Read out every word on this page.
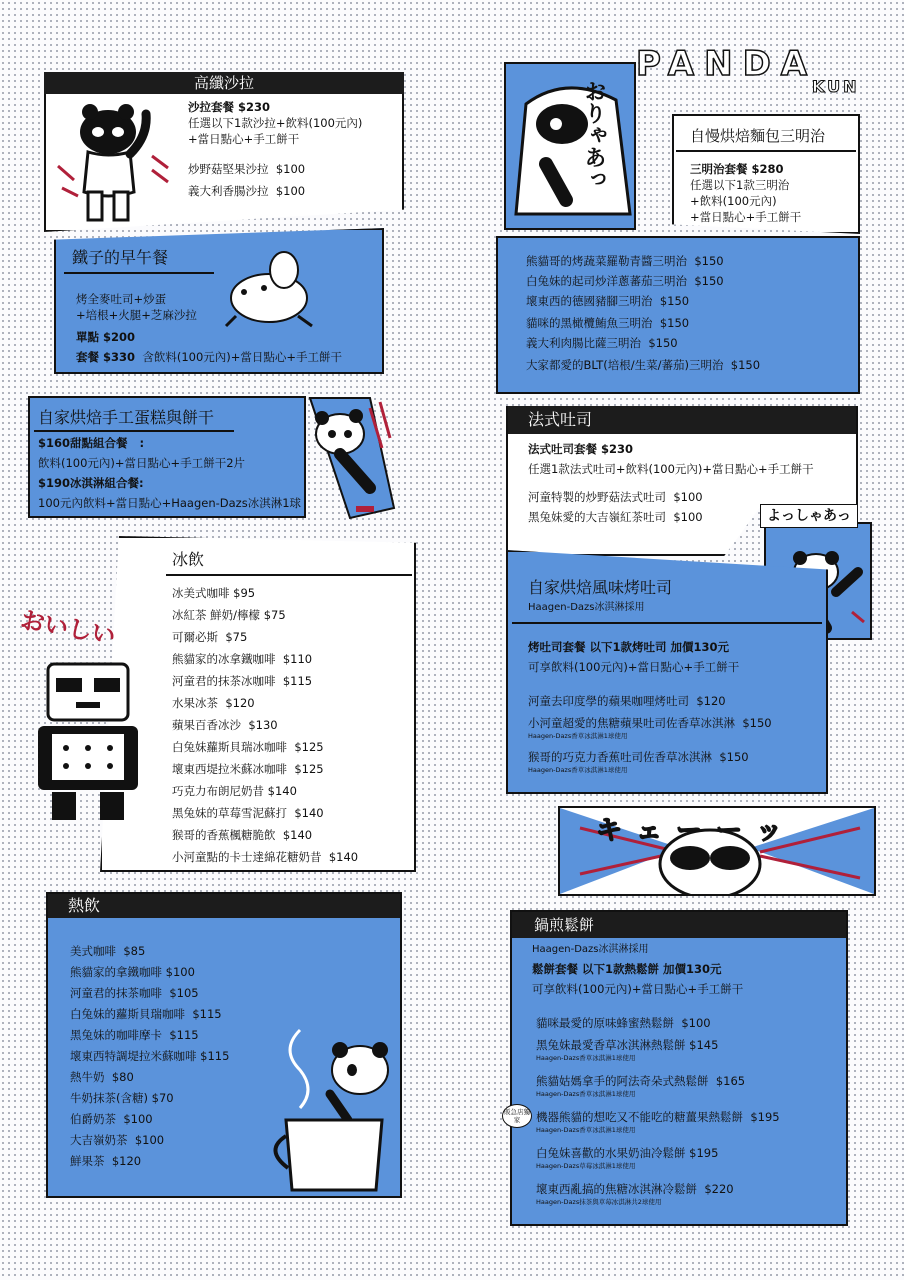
高纖沙拉
沙拉套餐 $230
任選以下1款沙拉+飲料(100元內)
+當日點心+手工餅干
炒野菇堅果沙拉 $100
義大利香腸沙拉 $100
鐵子的早午餐
烤全麥吐司+炒蛋
+培根+火腿+芝麻沙拉
單點 $200
套餐 $330 含飲料(100元內)+當日點心+手工餅干
自家烘焙手工蛋糕與餅干
$160甜點組合餐 :
飲料(100元內)+當日點心+手工餅干2片
$190冰淇淋組合餐:
100元內飲料+當日點心+Haagen-Dazs冰淇淋1球
冰飲
冰美式咖啡 $95
冰紅茶 鮮奶/檸檬 $75
可爾必斯 $75
熊貓家的冰拿鐵咖啡 $110
河童君的抹茶冰咖啡 $115
水果冰茶 $120
蘋果百香冰沙 $130
白兔妹蘿斯貝瑞冰咖啡 $125
壞東西堤拉米蘇冰咖啡 $125
巧克力布朗尼奶昔 $140
黑兔妹的草莓雪泥蘇打 $140
猴哥的香蕉楓糖脆飲 $140
小河童點的卡士達綿花糖奶昔 $140
おいしい
熱飲
美式咖啡 $85
熊貓家的拿鐵咖啡 $100
河童君的抹茶咖啡 $105
白兔妹的蘿斯貝瑞咖啡 $115
黑兔妹的咖啡摩卡 $115
壞東西特調堤拉米蘇咖啡 $115
熱牛奶 $80
牛奶抹茶(含糖) $70
伯爵奶茶 $100
大吉嶺奶茶 $100
鮮果茶 $120
PANDA
KUN
おりゃあっ	自慢烘焙麵包三明治
三明治套餐 $280
任選以下1款三明治
+飲料(100元內)
+當日點心+手工餅干
熊貓哥的烤蔬菜羅勒青醬三明治 $150
白兔妹的起司炒洋蔥蕃茄三明治 $150
壞東西的德國豬腳三明治 $150
貓咪的黑橄欖鮪魚三明治 $150
義大利肉腸比薩三明治 $150
大家都愛的BLT(培根/生菜/蕃茄)三明治 $150
法式吐司
法式吐司套餐 $230
任選1款法式吐司+飲料(100元內)+當日點心+手工餅干
河童特製的炒野菇法式吐司 $100
黑兔妹愛的大吉嶺紅茶吐司 $100	よっしゃあっ
自家烘焙風味烤吐司
Haagen-Dazs冰淇淋採用
烤吐司套餐 以下1款烤吐司 加價130元
可享飲料(100元內)+當日點心+手工餅干
河童去印度學的蘋果咖哩烤吐司 $120
小河童超愛的焦糖蘋果吐司佐香草冰淇淋 $150
Haagen-Dazs香草冰淇淋1球使用
猴哥的巧克力香蕉吐司佐香草冰淇淋 $150
Haagen-Dazs香草冰淇淋1球使用
キェーーッ
鍋煎鬆餅
Haagen-Dazs冰淇淋採用
鬆餅套餐 以下1款熱鬆餅 加價130元
可享飲料(100元內)+當日點心+手工餅干
貓咪最愛的原味蜂蜜熱鬆餅 $100
黑兔妹最愛香草冰淇淋熱鬆餅 $145
Haagen-Dazs香草冰淇淋1球使用
熊貓姑媽拿手的阿法奇朵式熱鬆餅 $165
Haagen-Dazs香草冰淇淋1球使用
販急店獨家	機器熊貓的想吃又不能吃的糖薑果熱鬆餅 $195
Haagen-Dazs香草冰淇淋1球使用
白兔妹喜歡的水果奶油冷鬆餅 $195
Haagen-Dazs草莓冰淇淋1球使用
壞東西亂搞的焦糖冰淇淋冷鬆餅 $220
Haagen-Dazs抹茶與草莓冰淇淋共2球使用
